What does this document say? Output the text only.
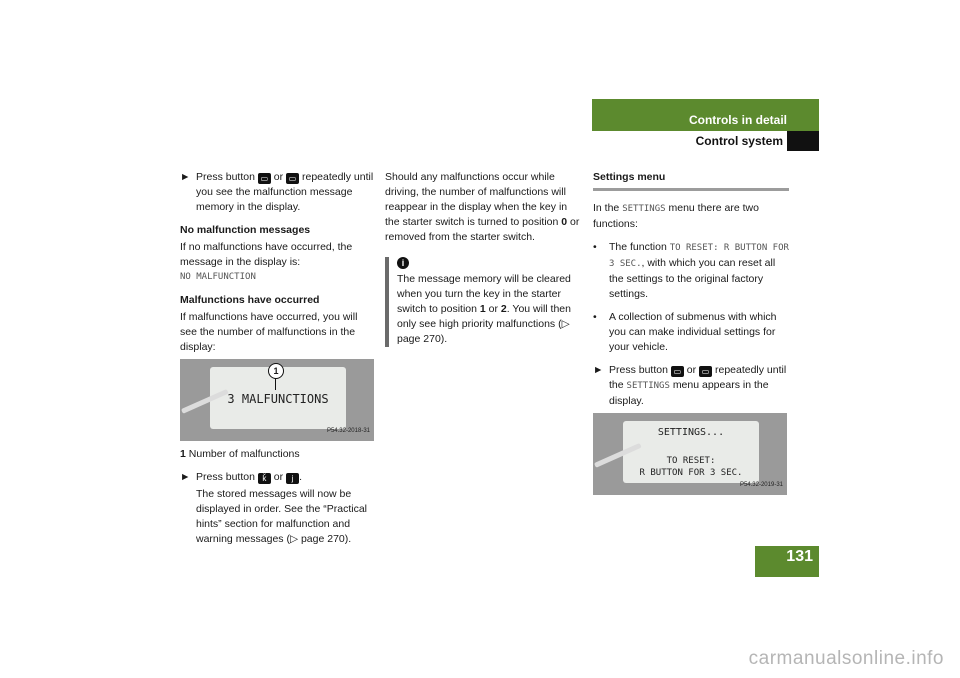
Controls in detail
Control system
► Press button ▭ or ▭ repeatedly until you see the malfunction message memory in the display.

No malfunction messages

If no malfunctions have occurred, the message in the display is:

NO MALFUNCTION

Malfunctions have occurred

If malfunctions have occurred, you will see the number of malfunctions in the display:

3 MALFUNCTIONS
1
P54.32-2018-31

1 Number of malfunctions

► Press button ǩ or j .

The stored messages will now be displayed in order. See the “Practical hints” section for malfunction and warning messages (▷ page 270).

Should any malfunctions occur while driving, the number of malfunctions will reappear in the display when the key in the starter switch is turned to position 0 or removed from the starter switch.

i
The message memory will be cleared when you turn the key in the starter switch to position 1 or 2. You will then only see high priority malfunctions (▷ page 270).
Settings menu

In the SETTINGS menu there are two functions:

• The function TO RESET: R BUTTON FOR 3 SEC., with which you can reset all the settings to the original factory settings.
• A collection of submenus with which you can make individual settings for your vehicle.
► Press button ▭ or ▭ repeatedly until the SETTINGS menu appears in the display.
SETTINGS...
TO RESET:
R BUTTON FOR 3 SEC.
P54.32-2019-31
131
carmanualsonline.info
